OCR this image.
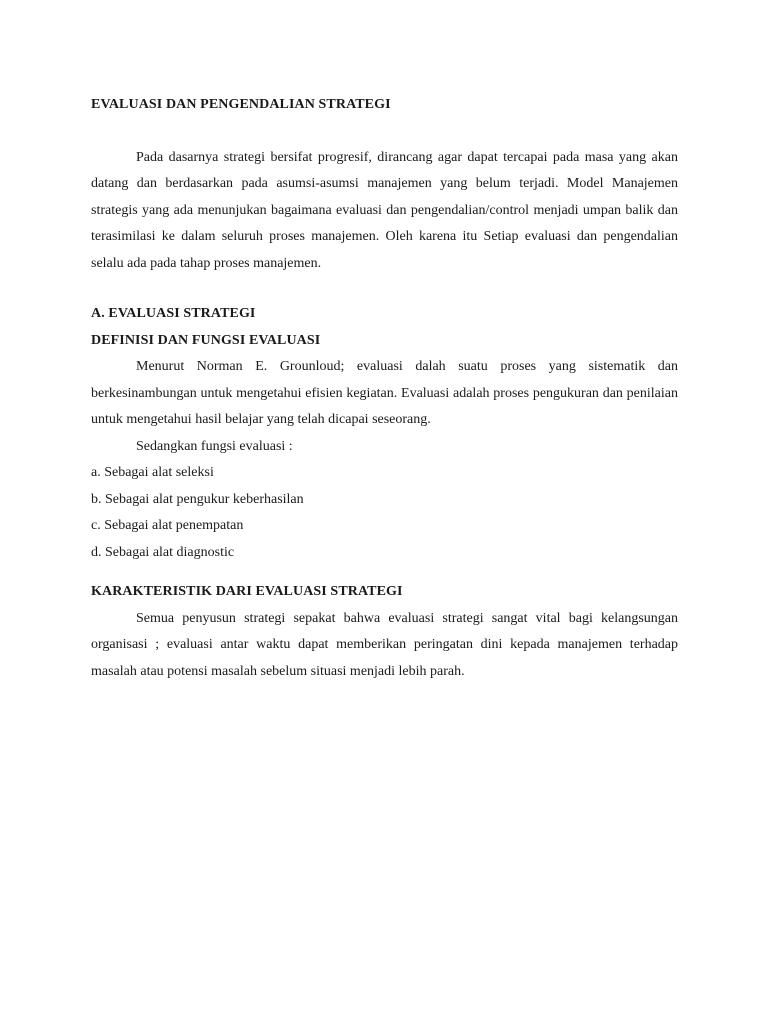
EVALUASI DAN PENGENDALIAN STRATEGI

Pada dasarnya strategi bersifat progresif, dirancang agar dapat tercapai pada masa yang akan datang dan berdasarkan pada asumsi-asumsi manajemen yang belum terjadi. Model Manajemen strategis yang ada menunjukan bagaimana evaluasi dan pengendalian/control menjadi umpan balik dan terasimilasi ke dalam seluruh proses manajemen. Oleh karena itu Setiap evaluasi dan pengendalian selalu ada pada tahap proses manajemen.

A. EVALUASI STRATEGI

DEFINISI DAN FUNGSI EVALUASI

Menurut Norman E. Grounloud; evaluasi dalah suatu proses yang sistematik dan berkesinambungan untuk mengetahui efisien kegiatan. Evaluasi adalah proses pengukuran dan penilaian untuk mengetahui hasil belajar yang telah dicapai seseorang.

Sedangkan fungsi evaluasi :

a. Sebagai alat seleksi
b. Sebagai alat pengukur keberhasilan
c. Sebagai alat penempatan
d. Sebagai alat diagnostic

KARAKTERISTIK DARI EVALUASI STRATEGI

Semua penyusun strategi sepakat bahwa evaluasi strategi sangat vital bagi kelangsungan organisasi ; evaluasi antar waktu dapat memberikan peringatan dini kepada manajemen terhadap masalah atau potensi masalah sebelum situasi menjadi lebih parah.
